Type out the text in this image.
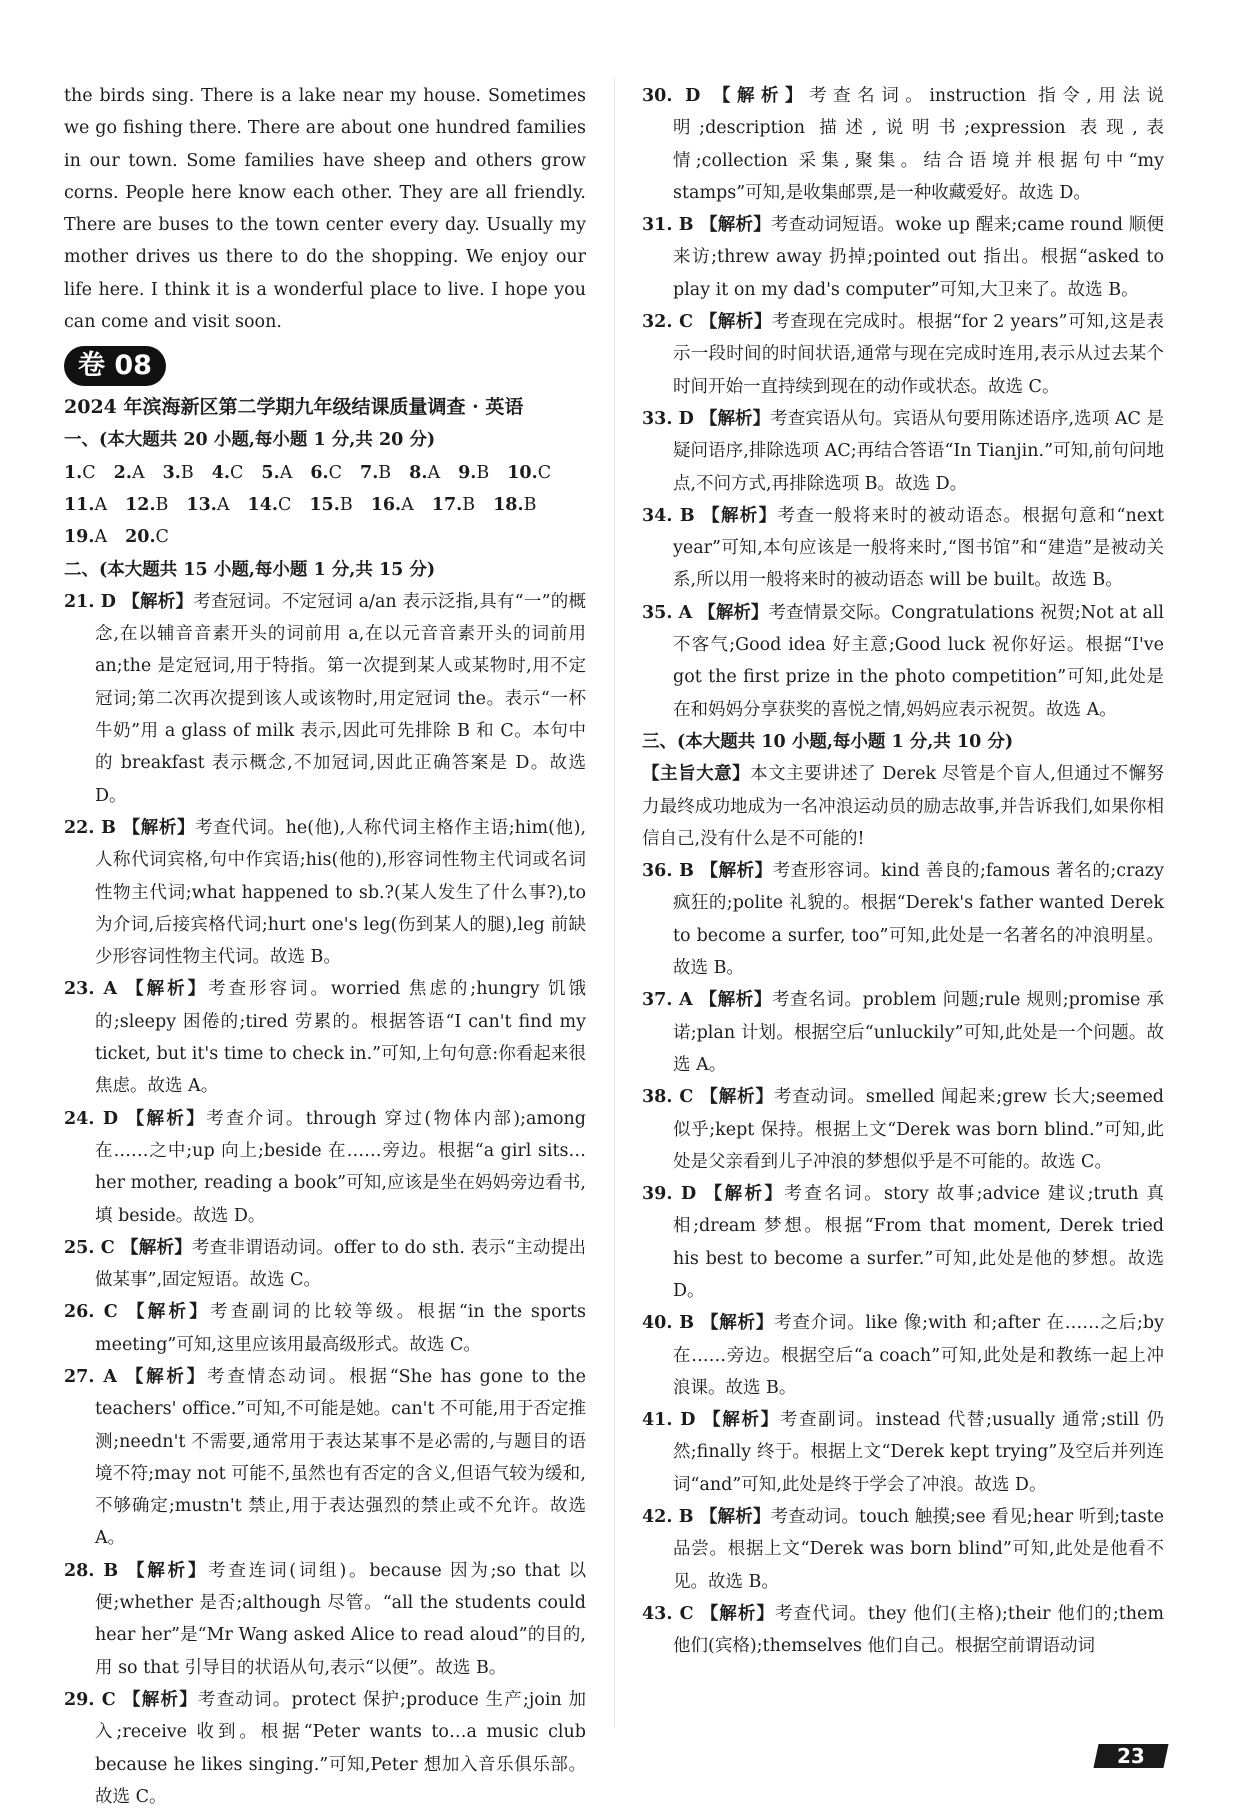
the birds sing. There is a lake near my house. Sometimes we go fishing there. There are about one hundred families in our town. Some families have sheep and others grow corns. People here know each other. They are all friendly. There are buses to the town center every day. Usually my mother drives us there to do the shopping. We enjoy our life here. I think it is a wonderful place to live. I hope you can come and visit soon.

卷 08

2024 年滨海新区第二学期九年级结课质量调查 · 英语

一、(本大题共 20 小题,每小题 1 分,共 20 分)

1.C 2.A 3.B 4.C 5.A 6.C 7.B 8.A 9.B 10.C
11.A 12.B 13.A 14.C 15.B 16.A 17.B 18.B
19.A 20.C

二、(本大题共 15 小题,每小题 1 分,共 15 分)

21. D 【解析】考查冠词。不定冠词 a/an 表示泛指,具有“一”的概念,在以辅音音素开头的词前用 a,在以元音音素开头的词前用 an;the 是定冠词,用于特指。第一次提到某人或某物时,用不定冠词;第二次再次提到该人或该物时,用定冠词 the。表示“一杯牛奶”用 a glass of milk 表示,因此可先排除 B 和 C。本句中的 breakfast 表示概念,不加冠词,因此正确答案是 D。故选 D。

22. B 【解析】考查代词。he(他),人称代词主格作主语;him(他),人称代词宾格,句中作宾语;his(他的),形容词性物主代词或名词性物主代词;what happened to sb.?(某人发生了什么事?),to 为介词,后接宾格代词;hurt one's leg(伤到某人的腿),leg 前缺少形容词性物主代词。故选 B。

23. A 【解析】考查形容词。worried 焦虑的;hungry 饥饿的;sleepy 困倦的;tired 劳累的。根据答语“I can't find my ticket, but it's time to check in.”可知,上句句意:你看起来很焦虑。故选 A。

24. D 【解析】考查介词。through 穿过(物体内部);among 在……之中;up 向上;beside 在……旁边。根据“a girl sits…her mother, reading a book”可知,应该是坐在妈妈旁边看书,填 beside。故选 D。

25. C 【解析】考查非谓语动词。offer to do sth. 表示“主动提出做某事”,固定短语。故选 C。

26. C 【解析】考查副词的比较等级。根据“in the sports meeting”可知,这里应该用最高级形式。故选 C。

27. A 【解析】考查情态动词。根据“She has gone to the teachers' office.”可知,不可能是她。can't 不可能,用于否定推测;needn't 不需要,通常用于表达某事不是必需的,与题目的语境不符;may not 可能不,虽然也有否定的含义,但语气较为缓和,不够确定;mustn't 禁止,用于表达强烈的禁止或不允许。故选 A。

28. B 【解析】考查连词(词组)。because 因为;so that 以便;whether 是否;although 尽管。“all the students could hear her”是“Mr Wang asked Alice to read aloud”的目的,用 so that 引导目的状语从句,表示“以便”。故选 B。

29. C 【解析】考查动词。protect 保护;produce 生产;join 加入;receive 收到。根据“Peter wants to…a music club because he likes singing.”可知,Peter 想加入音乐俱乐部。故选 C。

30. D 【解析】考查名词。instruction 指令,用法说明;description 描述,说明书;expression 表现,表情;collection 采集,聚集。结合语境并根据句中“my stamps”可知,是收集邮票,是一种收藏爱好。故选 D。

31. B 【解析】考查动词短语。woke up 醒来;came round 顺便来访;threw away 扔掉;pointed out 指出。根据“asked to play it on my dad's computer”可知,大卫来了。故选 B。

32. C 【解析】考查现在完成时。根据“for 2 years”可知,这是表示一段时间的时间状语,通常与现在完成时连用,表示从过去某个时间开始一直持续到现在的动作或状态。故选 C。

33. D 【解析】考查宾语从句。宾语从句要用陈述语序,选项 AC 是疑问语序,排除选项 AC;再结合答语“In Tianjin.”可知,前句问地点,不问方式,再排除选项 B。故选 D。

34. B 【解析】考查一般将来时的被动语态。根据句意和“next year”可知,本句应该是一般将来时,“图书馆”和“建造”是被动关系,所以用一般将来时的被动语态 will be built。故选 B。

35. A 【解析】考查情景交际。Congratulations 祝贺;Not at all 不客气;Good idea 好主意;Good luck 祝你好运。根据“I've got the first prize in the photo competition”可知,此处是在和妈妈分享获奖的喜悦之情,妈妈应表示祝贺。故选 A。

三、(本大题共 10 小题,每小题 1 分,共 10 分)

【主旨大意】本文主要讲述了 Derek 尽管是个盲人,但通过不懈努力最终成功地成为一名冲浪运动员的励志故事,并告诉我们,如果你相信自己,没有什么是不可能的!

36. B 【解析】考查形容词。kind 善良的;famous 著名的;crazy 疯狂的;polite 礼貌的。根据“Derek's father wanted Derek to become a surfer, too”可知,此处是一名著名的冲浪明星。故选 B。

37. A 【解析】考查名词。problem 问题;rule 规则;promise 承诺;plan 计划。根据空后“unluckily”可知,此处是一个问题。故选 A。

38. C 【解析】考查动词。smelled 闻起来;grew 长大;seemed 似乎;kept 保持。根据上文“Derek was born blind.”可知,此处是父亲看到儿子冲浪的梦想似乎是不可能的。故选 C。

39. D 【解析】考查名词。story 故事;advice 建议;truth 真相;dream 梦想。根据“From that moment, Derek tried his best to become a surfer.”可知,此处是他的梦想。故选 D。

40. B 【解析】考查介词。like 像;with 和;after 在……之后;by 在……旁边。根据空后“a coach”可知,此处是和教练一起上冲浪课。故选 B。

41. D 【解析】考查副词。instead 代替;usually 通常;still 仍然;finally 终于。根据上文“Derek kept trying”及空后并列连词“and”可知,此处是终于学会了冲浪。故选 D。

42. B 【解析】考查动词。touch 触摸;see 看见;hear 听到;taste 品尝。根据上文“Derek was born blind”可知,此处是他看不见。故选 B。

43. C 【解析】考查代词。they 他们(主格);their 他们的;them 他们(宾格);themselves 他们自己。根据空前谓语动词

23
